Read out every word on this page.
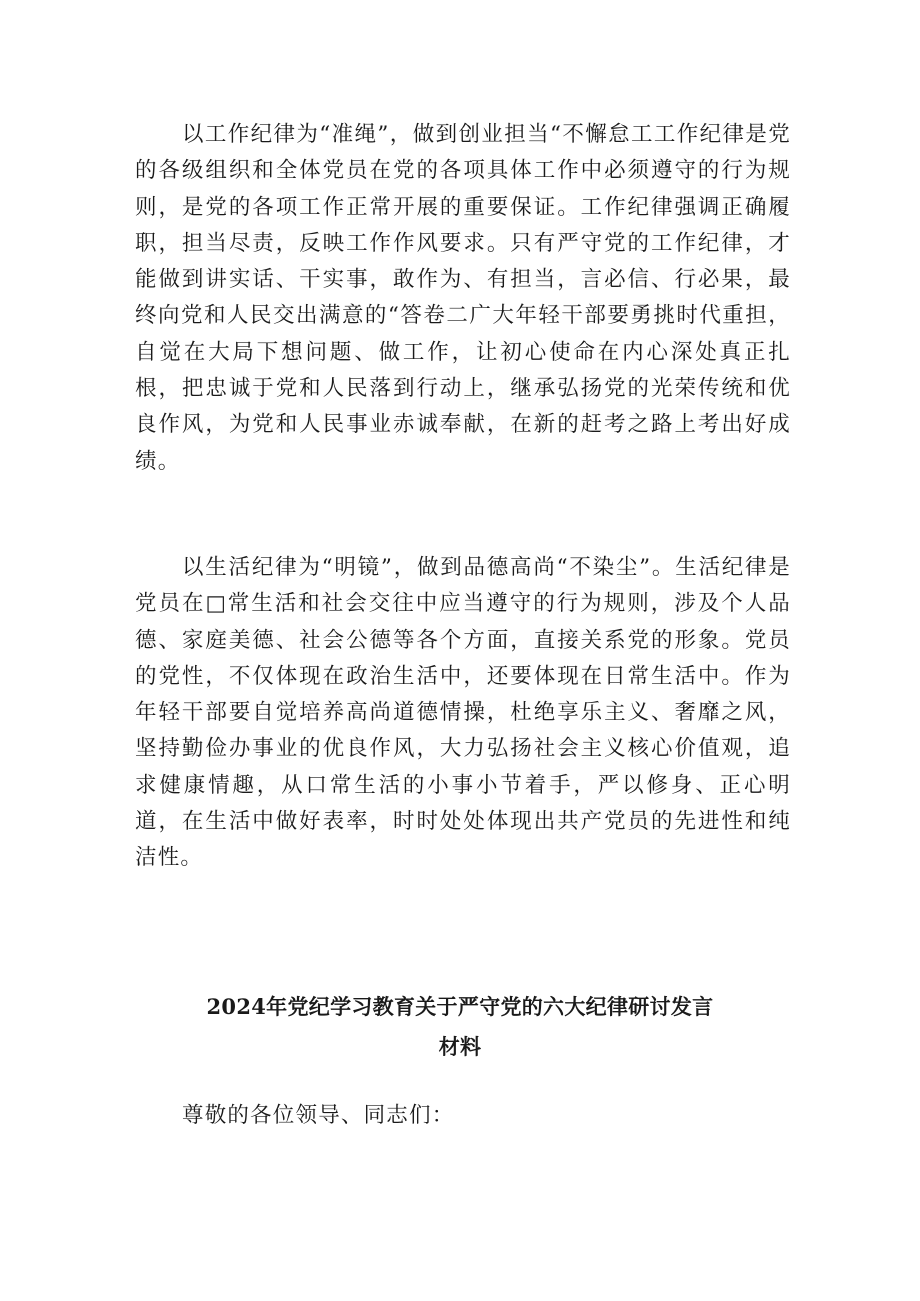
以工作纪律为“准绳”，做到创业担当“不懈怠工工作纪律是党的各级组织和全体党员在党的各项具体工作中必须遵守的行为规则，是党的各项工作正常开展的重要保证。工作纪律强调正确履职，担当尽责，反映工作作风要求。只有严守党的工作纪律，才能做到讲实话、干实事，敢作为、有担当，言必信、行必果，最终向党和人民交出满意的“答卷二广大年轻干部要勇挑时代重担，自觉在大局下想问题、做工作，让初心使命在内心深处真正扎根，把忠诚于党和人民落到行动上，继承弘扬党的光荣传统和优良作风，为党和人民事业赤诚奉献，在新的赶考之路上考出好成绩。

以生活纪律为“明镜”，做到品德高尚“不染尘”。生活纪律是党员在□常生活和社会交往中应当遵守的行为规则，涉及个人品德、家庭美德、社会公德等各个方面，直接关系党的形象。党员的党性，不仅体现在政治生活中，还要体现在日常生活中。作为年轻干部要自觉培养高尚道德情操，杜绝享乐主义、奢靡之风，坚持勤俭办事业的优良作风，大力弘扬社会主义核心价值观，追求健康情趣，从口常生活的小事小节着手，严以修身、正心明道，在生活中做好表率，时时处处体现出共产党员的先进性和纯洁性。

2024年党纪学习教育关于严守党的六大纪律研讨发言
材料

尊敬的各位领导、同志们：
